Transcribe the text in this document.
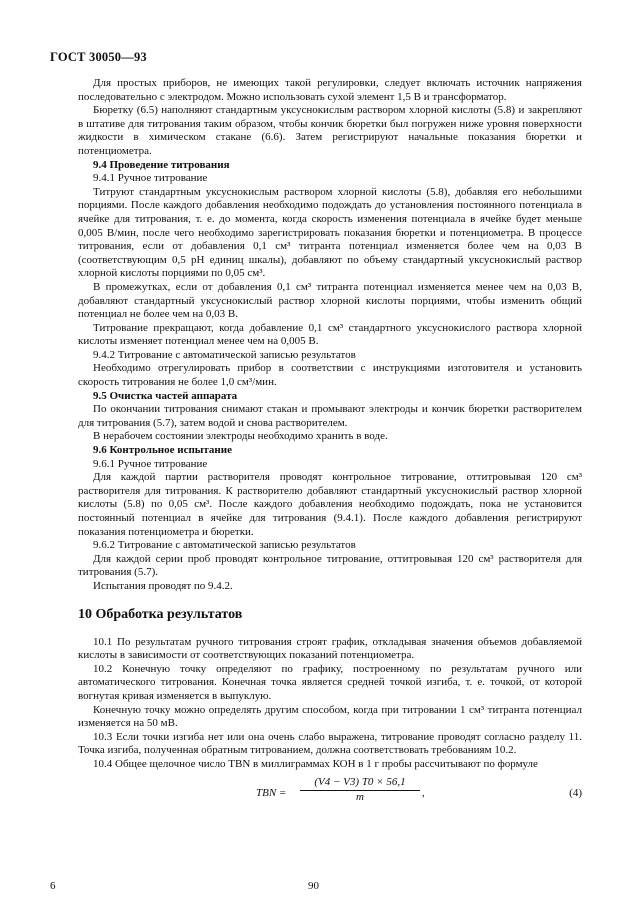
ГОСТ 30050—93

Для простых приборов, не имеющих такой регулировки, следует включать источник напряжения последовательно с электродом. Можно использовать сухой элемент 1,5 В и трансформатор.

Бюретку (6.5) наполняют стандартным уксуснокислым раствором хлорной кислоты (5.8) и закрепляют в штативе для титрования таким образом, чтобы кончик бюретки был погружен ниже уровня поверхности жидкости в химическом стакане (6.6). Затем регистрируют начальные показания бюретки и потенциометра.

9.4 Проведение титрования

9.4.1 Ручное титрование

Титруют стандартным уксуснокислым раствором хлорной кислоты (5.8), добавляя его небольшими порциями. После каждого добавления необходимо подождать до установления постоянного потенциала в ячейке для титрования, т. е. до момента, когда скорость изменения потенциала в ячейке будет меньше 0,005 В/мин, после чего необходимо зарегистрировать показания бюретки и потенциометра. В процессе титрования, если от добавления 0,1 см³ титранта потенциал изменяется более чем на 0,03 В (соответствующим 0,5 pH единиц шкалы), добавляют по объему стандартный уксуснокислый раствор хлорной кислоты порциями по 0,05 см³.

В промежутках, если от добавления 0,1 см³ титранта потенциал изменяется менее чем на 0,03 В, добавляют стандартный уксуснокислый раствор хлорной кислоты порциями, чтобы изменить общий потенциал не более чем на 0,03 В.

Титрование прекращают, когда добавление 0,1 см³ стандартного уксуснокислого раствора хлорной кислоты изменяет потенциал менее чем на 0,005 В.

9.4.2 Титрование с автоматической записью результатов

Необходимо отрегулировать прибор в соответствии с инструкциями изготовителя и установить скорость титрования не более 1,0 см³/мин.

9.5 Очистка частей аппарата

По окончании титрования снимают стакан и промывают электроды и кончик бюретки растворителем для титрования (5.7), затем водой и снова растворителем.

В нерабочем состоянии электроды необходимо хранить в воде.

9.6 Контрольное испытание

9.6.1 Ручное титрование

Для каждой партии растворителя проводят контрольное титрование, оттитровывая 120 см³ растворителя для титрования. К растворителю добавляют стандартный уксуснокислый раствор хлорной кислоты (5.8) по 0,05 см³. После каждого добавления необходимо подождать, пока не установится постоянный потенциал в ячейке для титрования (9.4.1). После каждого добавления регистрируют показания потенциометра и бюретки.

9.6.2 Титрование с автоматической записью результатов

Для каждой серии проб проводят контрольное титрование, оттитровывая 120 см³ растворителя для титрования (5.7).

Испытания проводят по 9.4.2.

10 Обработка результатов

10.1 По результатам ручного титрования строят график, откладывая значения объемов добавляемой кислоты в зависимости от соответствующих показаний потенциометра.

10.2 Конечную точку определяют по графику, построенному по результатам ручного или автоматического титрования. Конечная точка является средней точкой изгиба, т. е. точкой, от которой вогнутая кривая изменяется в выпуклую.

Конечную точку можно определять другим способом, когда при титровании 1 см³ титранта потенциал изменяется на 50 мВ.

10.3 Если точки изгиба нет или она очень слабо выражена, титрование проводят согласно разделу 11. Точка изгиба, полученная обратным титрованием, должна соответствовать требованиям 10.2.

10.4 Общее щелочное число TBN в миллиграммах КОН в 1 г пробы рассчитывают по формуле

TBN = $\frac{(V4 - V3) T0 \times 56,1}{m}$ ,	(4)
6	90
